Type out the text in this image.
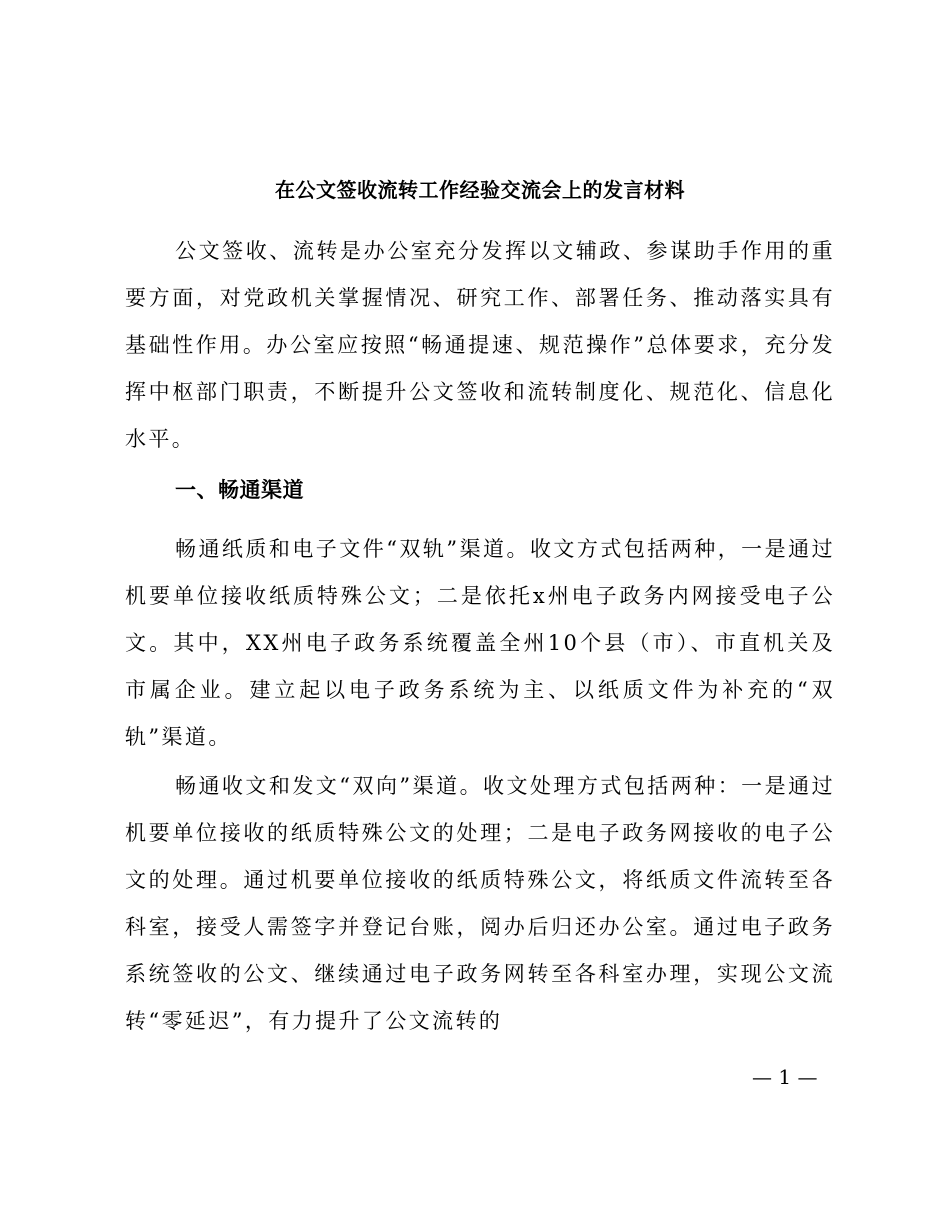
在公文签收流转工作经验交流会上的发言材料

公文签收、流转是办公室充分发挥以文辅政、参谋助手作用的重要方面，对党政机关掌握情况、研究工作、部署任务、推动落实具有基础性作用。办公室应按照“畅通提速、规范操作”总体要求，充分发挥中枢部门职责，不断提升公文签收和流转制度化、规范化、信息化水平。

一、畅通渠道

畅通纸质和电子文件“双轨”渠道。收文方式包括两种，一是通过机要单位接收纸质特殊公文；二是依托x州电子政务内网接受电子公文。其中，XX州电子政务系统覆盖全州10个县（市）、市直机关及市属企业。建立起以电子政务系统为主、以纸质文件为补充的“双轨”渠道。

畅通收文和发文“双向”渠道。收文处理方式包括两种：一是通过机要单位接收的纸质特殊公文的处理；二是电子政务网接收的电子公文的处理。通过机要单位接收的纸质特殊公文，将纸质文件流转至各科室，接受人需签字并登记台账，阅办后归还办公室。通过电子政务系统签收的公文、继续通过电子政务网转至各科室办理，实现公文流转“零延迟”，有力提升了公文流转的

— 1 —
